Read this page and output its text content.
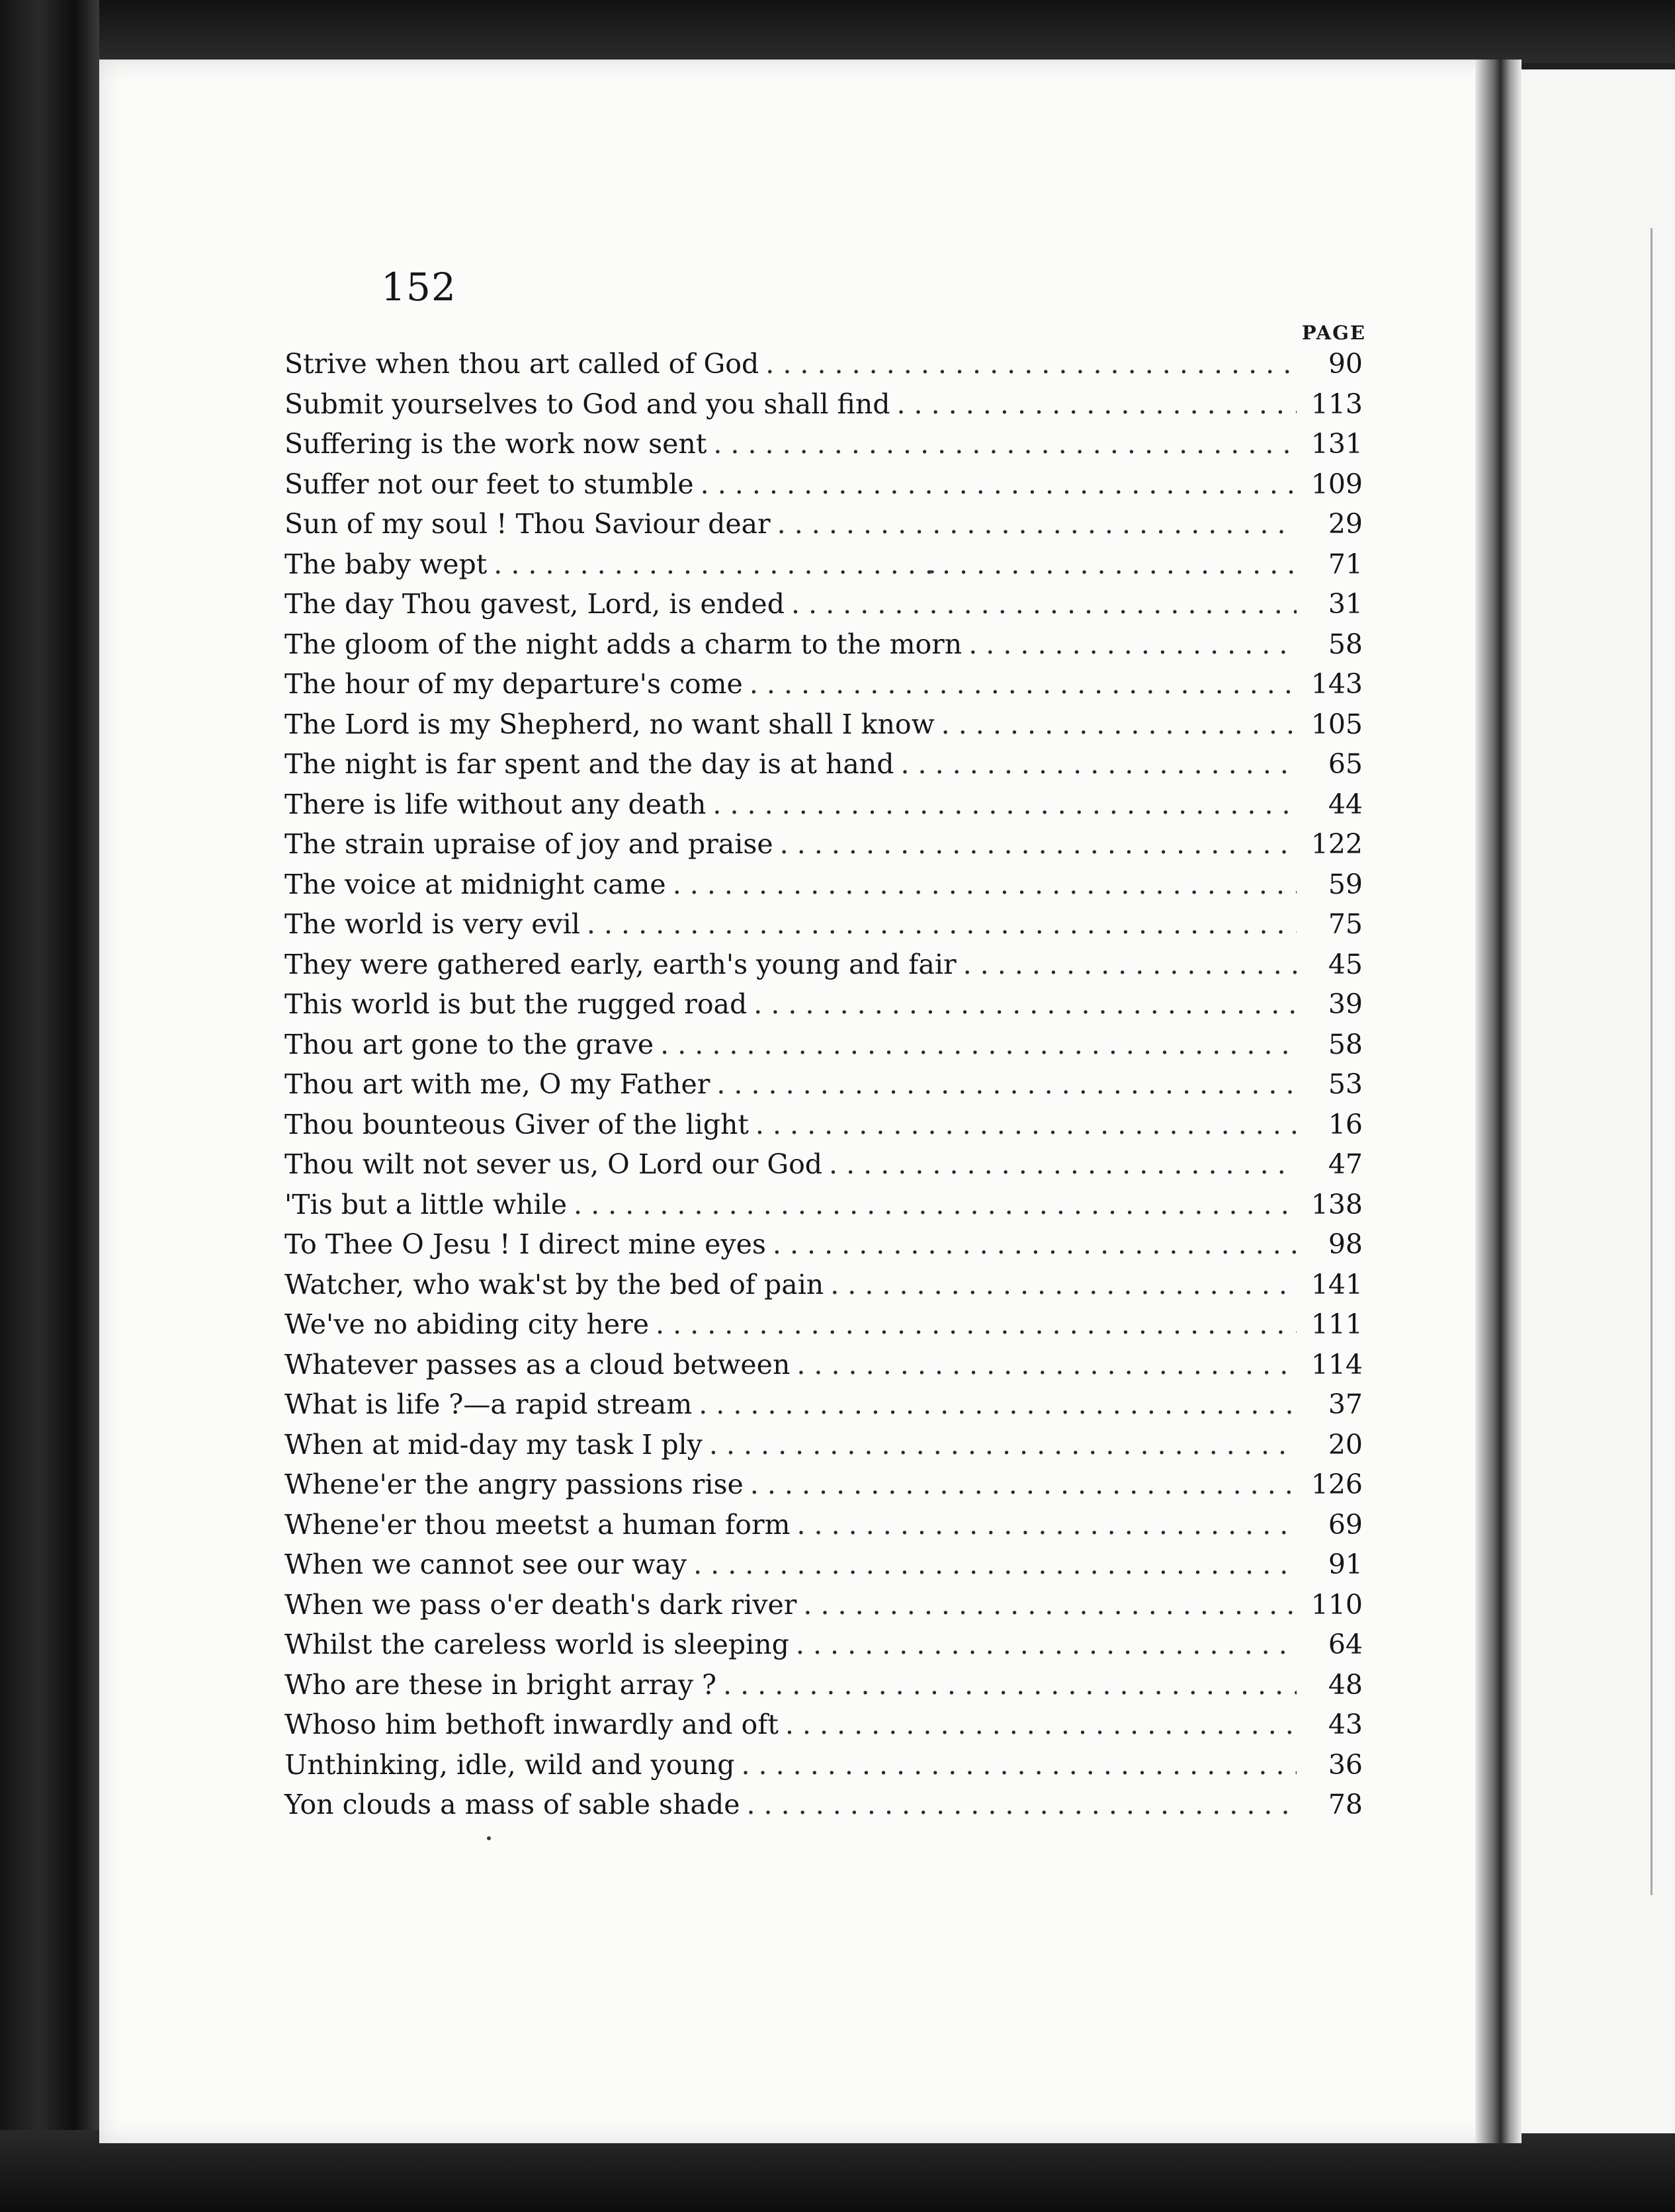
152
PAGE
Strive when thou art called of God . . .	90
Submit yourselves to God and you shall find . . .	113
Suffering is the work now sent . . .	131
Suffer not our feet to stumble . . .	109
Sun of my soul ! Thou Saviour dear . . .	29
The baby wept . . .	71
The day Thou gavest, Lord, is ended . . .	31
The gloom of the night adds a charm to the morn . . .	58
The hour of my departure's come . . .	143
The Lord is my Shepherd, no want shall I know . . .	105
The night is far spent and the day is at hand . . .	65
There is life without any death . . .	44
The strain upraise of joy and praise . . .	122
The voice at midnight came . . .	59
The world is very evil . . .	75
They were gathered early, earth's young and fair . . .	45
This world is but the rugged road . . .	39
Thou art gone to the grave . . .	58
Thou art with me, O my Father . . .	53
Thou bounteous Giver of the light . . .	16
Thou wilt not sever us, O Lord our God . . .	47
'Tis but a little while . . .	138
To Thee O Jesu ! I direct mine eyes . . .	98
Watcher, who wak'st by the bed of pain . . .	141
We've no abiding city here . . .	111
Whatever passes as a cloud between . . .	114
What is life ?—a rapid stream . . .	37
When at mid-day my task I ply . . .	20
Whene'er the angry passions rise . . .	126
Whene'er thou meetst a human form . . .	69
When we cannot see our way . . .	91
When we pass o'er death's dark river . . .	110
Whilst the careless world is sleeping . . .	64
Who are these in bright array ? . . .	48
Whoso him bethoft inwardly and oft . . .	43
Unthinking, idle, wild and young . . .	36
Yon clouds a mass of sable shade . . .	78
